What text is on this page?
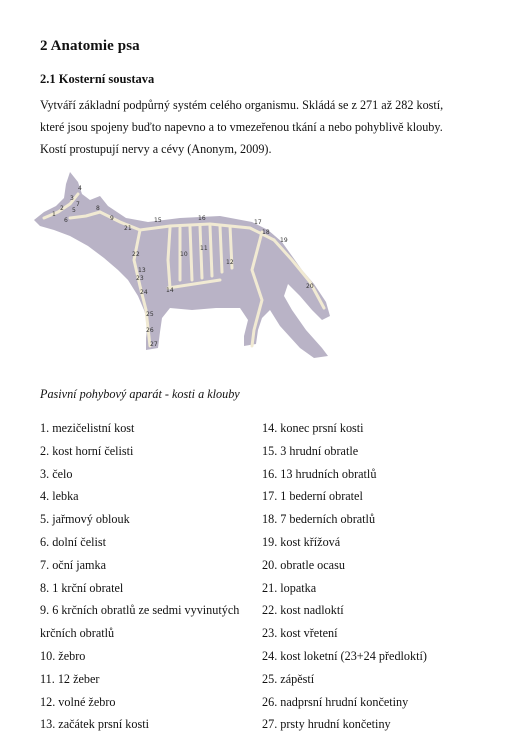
2 Anatomie psa
2.1 Kosterní soustava

Vytváří základní podpůrný systém celého organismu. Skládá se z 271 až 282 kostí,
které jsou spojeny buďto napevno a to vmezeřenou tkání a nebo pohyblivě klouby.
Kostí prostupují nervy a cévy (Anonym, 2009).

1
2
3
4
5
6
7
8
9
10
11
12
13
14
15	16
17
18
19
20
21
22
23
24
25
26
27

Pasivní pohybový aparát - kosti a klouby

1. mezičelistní kost
2. kost horní čelisti
3. čelo
4. lebka
5. jařmový oblouk
6. dolní čelist
7. oční jamka
8. 1 krční obratel
9. 6 krčních obratlů ze sedmi vyvinutých
krčních obratlů
10. žebro
11. 12 žeber
12. volné žebro
13. začátek prsní kosti
14. konec prsní kosti
15. 3 hrudní obratle
16. 13 hrudních obratlů
17. 1 bederní obratel
18. 7 bederních obratlů
19. kost křížová
20. obratle ocasu
21. lopatka
22. kost nadloktí
23. kost vřetení
24. kost loketní (23+24 předloktí)
25. zápěstí
26. nadprsní hrudní končetiny
27. prsty hrudní končetiny
